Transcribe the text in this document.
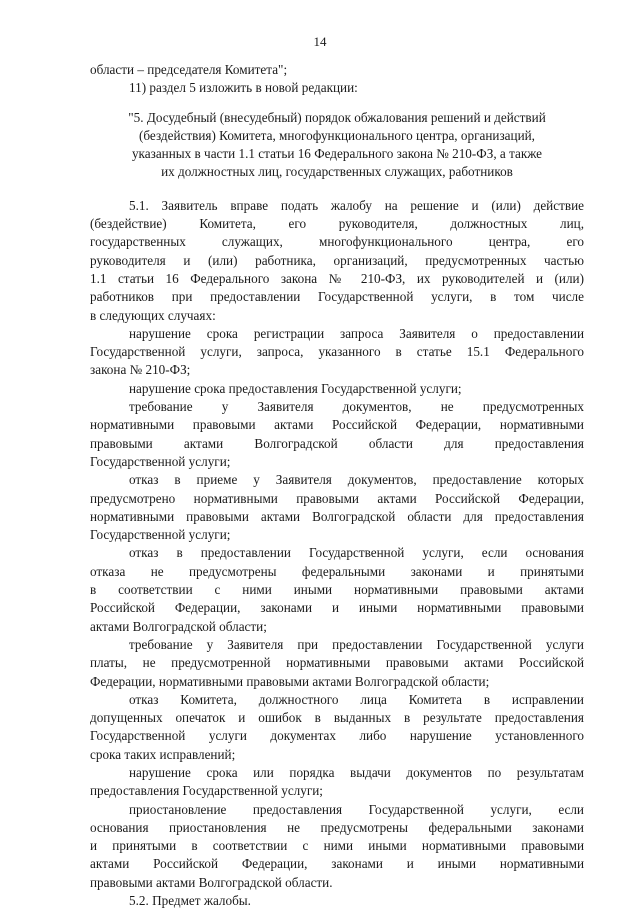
14
области – председателя Комитета";
11) раздел 5 изложить в новой редакции:
"5. Досудебный (внесудебный) порядок обжалования решений и действий
(бездействия) Комитета, многофункционального центра, организаций,
указанных в части 1.1 статьи 16 Федерального закона № 210-ФЗ, а также
их должностных лиц, государственных служащих, работников
5.1. Заявитель вправе подать жалобу на решение и (или) действие
(бездействие) Комитета, его руководителя, должностных лиц,
государственных служащих, многофункционального центра, его
руководителя и (или) работника, организаций, предусмотренных частью
1.1 статьи 16 Федерального закона № 210-ФЗ, их руководителей и (или)
работников при предоставлении Государственной услуги, в том числе
в следующих случаях:
нарушение срока регистрации запроса Заявителя о предоставлении
Государственной услуги, запроса, указанного в статье 15.1 Федерального
закона № 210-ФЗ;
нарушение срока предоставления Государственной услуги;
требование у Заявителя документов, не предусмотренных
нормативными правовыми актами Российской Федерации, нормативными
правовыми актами Волгоградской области для предоставления
Государственной услуги;
отказ в приеме у Заявителя документов, предоставление которых
предусмотрено нормативными правовыми актами Российской Федерации,
нормативными правовыми актами Волгоградской области для предоставления
Государственной услуги;
отказ в предоставлении Государственной услуги, если основания
отказа не предусмотрены федеральными законами и принятыми
в соответствии с ними иными нормативными правовыми актами
Российской Федерации, законами и иными нормативными правовыми
актами Волгоградской области;
требование у Заявителя при предоставлении Государственной услуги
платы, не предусмотренной нормативными правовыми актами Российской
Федерации, нормативными правовыми актами Волгоградской области;
отказ Комитета, должностного лица Комитета в исправлении
допущенных опечаток и ошибок в выданных в результате предоставления
Государственной услуги документах либо нарушение установленного
срока таких исправлений;
нарушение срока или порядка выдачи документов по результатам
предоставления Государственной услуги;
приостановление предоставления Государственной услуги, если
основания приостановления не предусмотрены федеральными законами
и принятыми в соответствии с ними иными нормативными правовыми
актами Российской Федерации, законами и иными нормативными
правовыми актами Волгоградской области.
5.2. Предмет жалобы.
